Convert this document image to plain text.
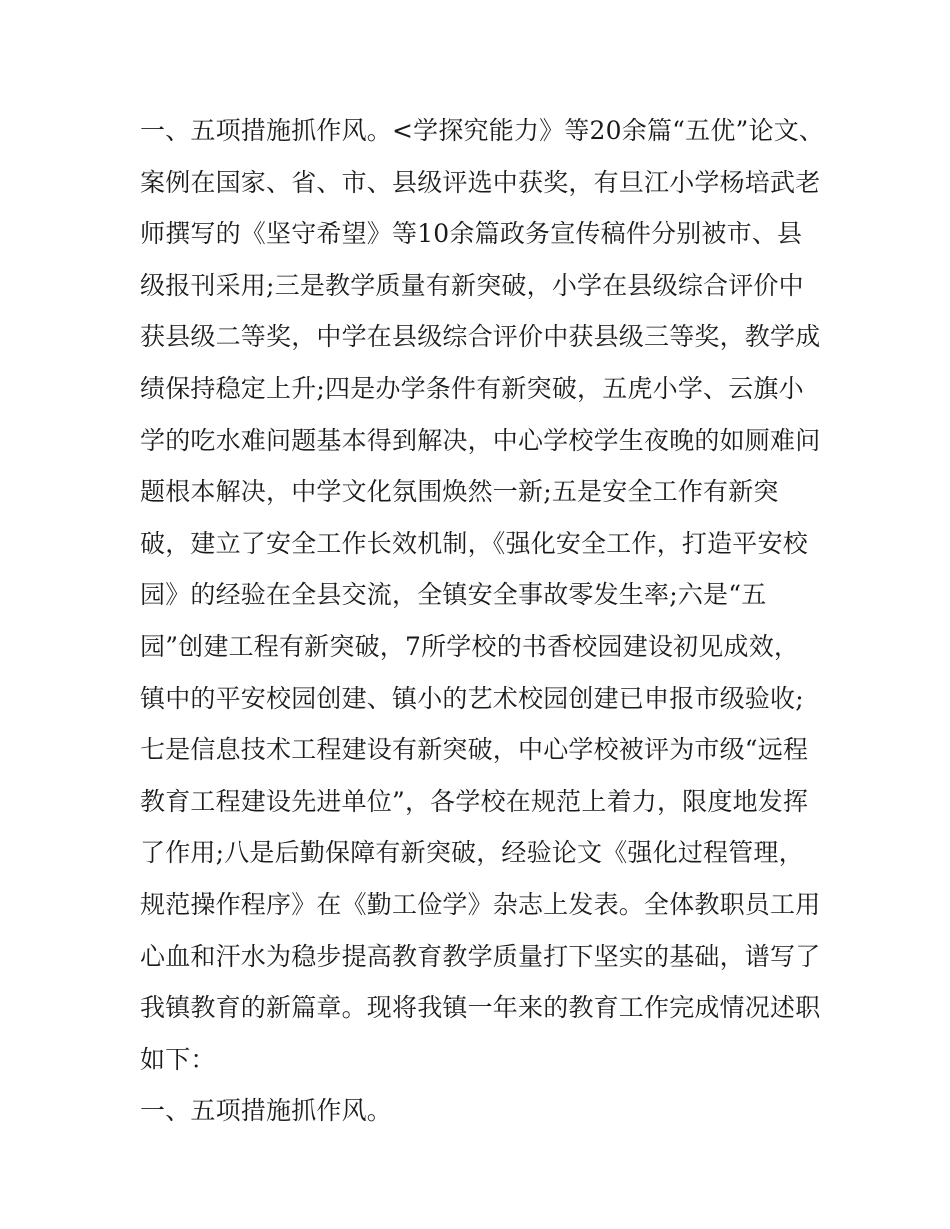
一、五项措施抓作风。<学探究能力》等20余篇“五优”论文、
案例在国家、省、市、县级评选中获奖，有旦江小学杨培武老
师撰写的《坚守希望》等10余篇政务宣传稿件分别被市、县
级报刊采用;三是教学质量有新突破，小学在县级综合评价中
获县级二等奖，中学在县级综合评价中获县级三等奖，教学成
绩保持稳定上升;四是办学条件有新突破，五虎小学、云旗小
学的吃水难问题基本得到解决，中心学校学生夜晚的如厕难问
题根本解决，中学文化氛围焕然一新;五是安全工作有新突
破，建立了安全工作长效机制，《强化安全工作，打造平安校
园》的经验在全县交流，全镇安全事故零发生率;六是“五
园”创建工程有新突破，7所学校的书香校园建设初见成效，
镇中的平安校园创建、镇小的艺术校园创建已申报市级验收;
七是信息技术工程建设有新突破，中心学校被评为市级“远程
教育工程建设先进单位”，各学校在规范上着力，限度地发挥
了作用;八是后勤保障有新突破，经验论文《强化过程管理，
规范操作程序》在《勤工俭学》杂志上发表。全体教职员工用
心血和汗水为稳步提高教育教学质量打下坚实的基础，谱写了
我镇教育的新篇章。现将我镇一年来的教育工作完成情况述职
如下：
一、五项措施抓作风。
